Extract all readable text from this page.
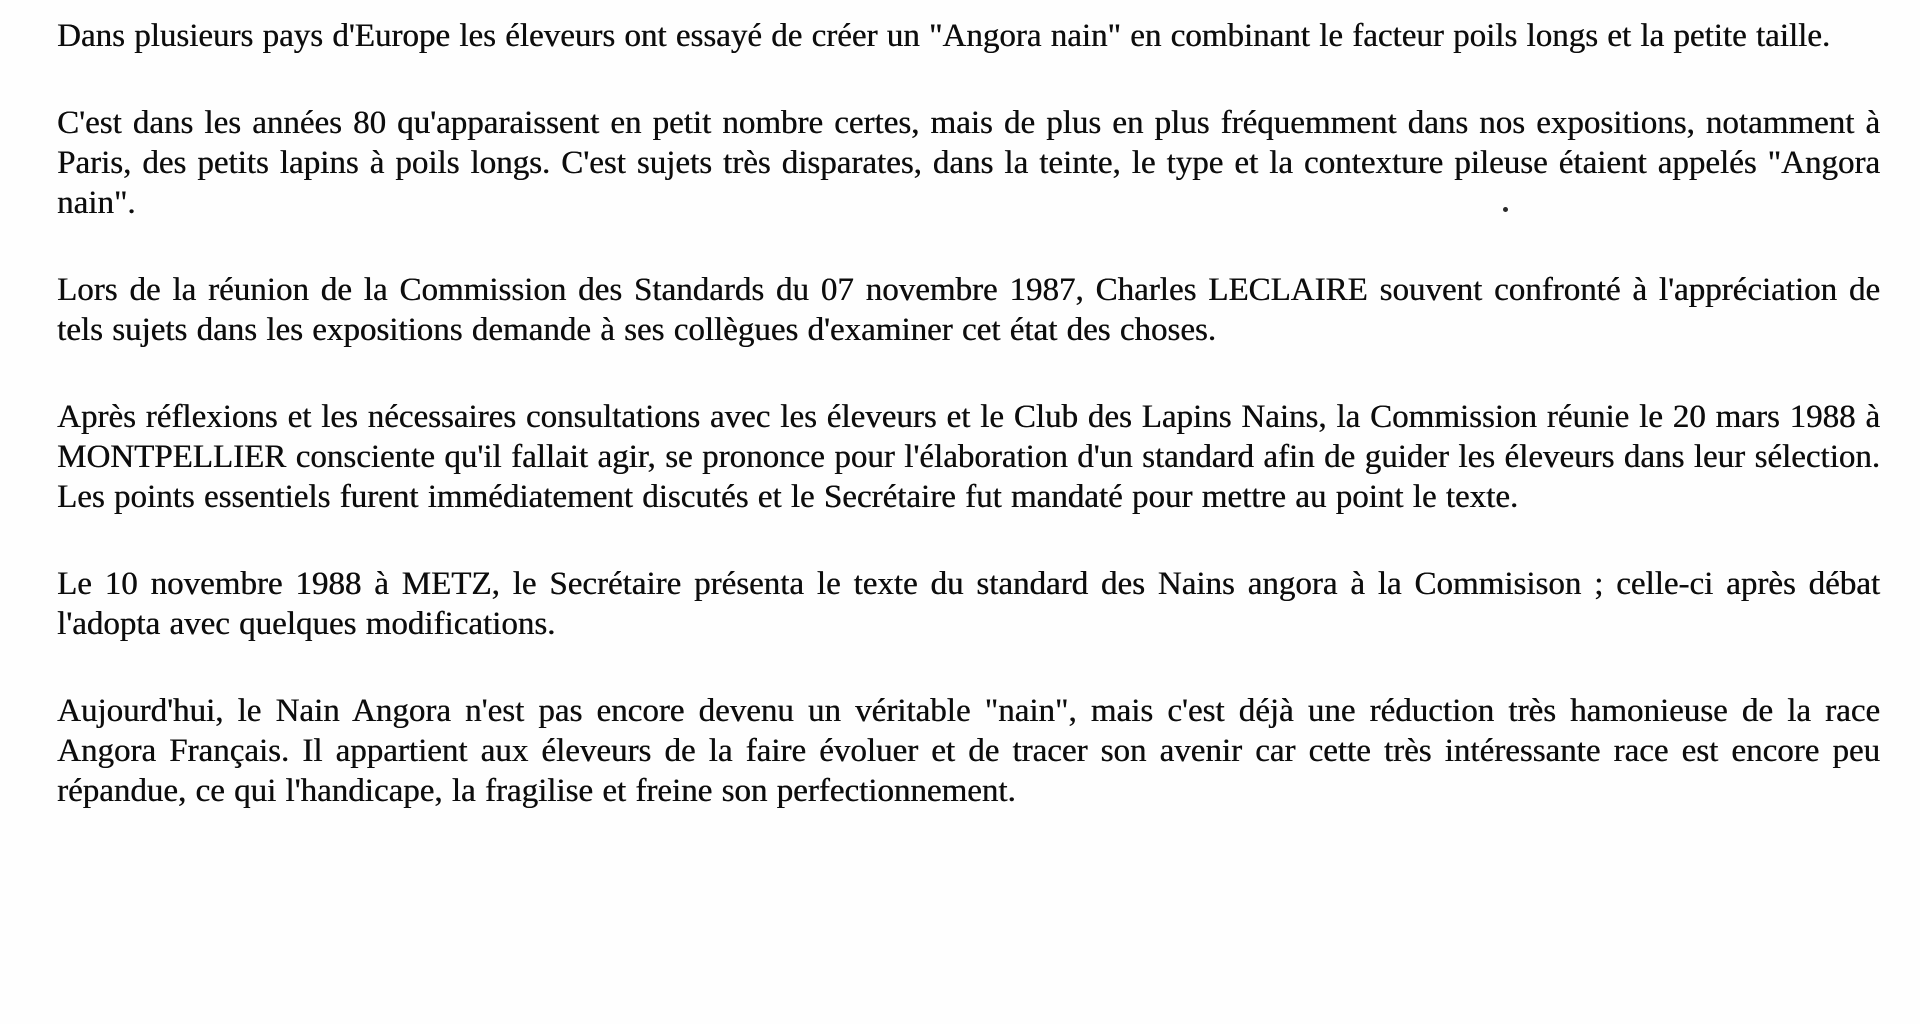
Dans plusieurs pays d'Europe les éleveurs ont essayé de créer un "Angora nain" en combinant le facteur poils longs et la petite taille.

C'est dans les années 80 qu'apparaissent en petit nombre certes, mais de plus en plus fréquemment dans nos expositions, notamment à Paris, des petits lapins à poils longs. C'est sujets très disparates, dans la teinte, le type et la contexture pileuse étaient appelés "Angora nain".

Lors de la réunion de la Commission des Standards du 07 novembre 1987, Charles LECLAIRE souvent confronté à l'appréciation de tels sujets dans les expositions demande à ses collègues d'examiner cet état des choses.

Après réflexions et les nécessaires consultations avec les éleveurs et le Club des Lapins Nains, la Commission réunie le 20 mars 1988 à MONTPELLIER consciente qu'il fallait agir, se prononce pour l'élaboration d'un standard afin de guider les éleveurs dans leur sélection. Les points essentiels furent immédiatement discutés et le Secrétaire fut mandaté pour mettre au point le texte.

Le 10 novembre 1988 à METZ, le Secrétaire présenta le texte du standard des Nains angora à la Commisison ; celle-ci après débat l'adopta avec quelques modifications.

Aujourd'hui, le Nain Angora n'est pas encore devenu un véritable "nain", mais c'est déjà une réduction très hamonieuse de la race Angora Français. Il appartient aux éleveurs de la faire évoluer et de tracer son avenir car cette très intéressante race est encore peu répandue, ce qui l'handicape, la fragilise et freine son perfectionnement.
